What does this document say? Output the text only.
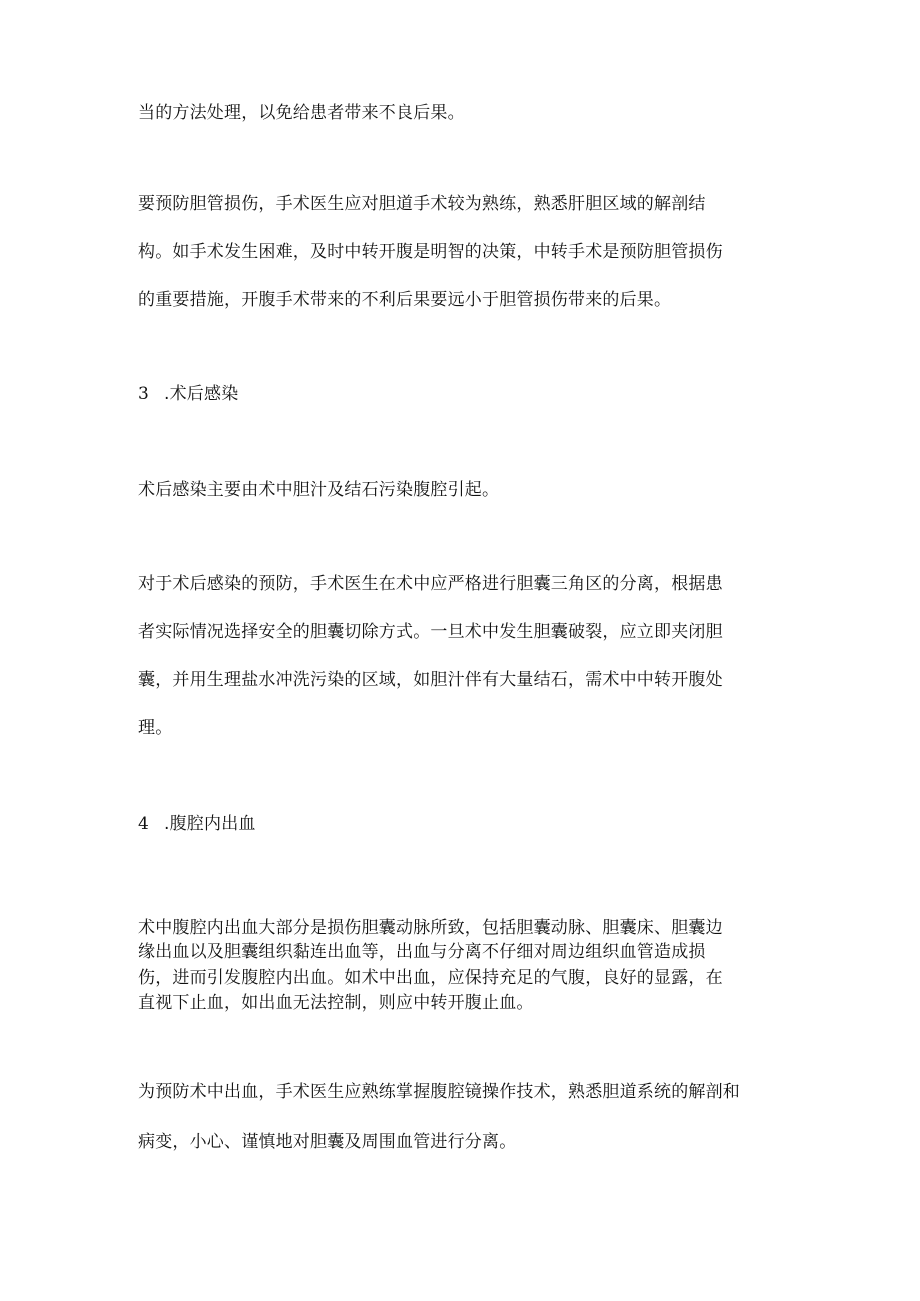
当的方法处理，以免给患者带来不良后果。
要预防胆管损伤，手术医生应对胆道手术较为熟练，熟悉肝胆区域的解剖结
构。如手术发生困难，及时中转开腹是明智的决策，中转手术是预防胆管损伤
的重要措施，开腹手术带来的不利后果要远小于胆管损伤带来的后果。
3 .术后感染
术后感染主要由术中胆汁及结石污染腹腔引起。
对于术后感染的预防，手术医生在术中应严格进行胆囊三角区的分离，根据患
者实际情况选择安全的胆囊切除方式。一旦术中发生胆囊破裂，应立即夹闭胆
囊，并用生理盐水冲洗污染的区域，如胆汁伴有大量结石，需术中中转开腹处
理。
4 .腹腔内出血
术中腹腔内出血大部分是损伤胆囊动脉所致，包括胆囊动脉、胆囊床、胆囊边
缘出血以及胆囊组织黏连出血等，出血与分离不仔细对周边组织血管造成损
伤，进而引发腹腔内出血。如术中出血，应保持充足的气腹，良好的显露，在
直视下止血，如出血无法控制，则应中转开腹止血。
为预防术中出血，手术医生应熟练掌握腹腔镜操作技术，熟悉胆道系统的解剖和
病变，小心、谨慎地对胆囊及周围血管进行分离。
